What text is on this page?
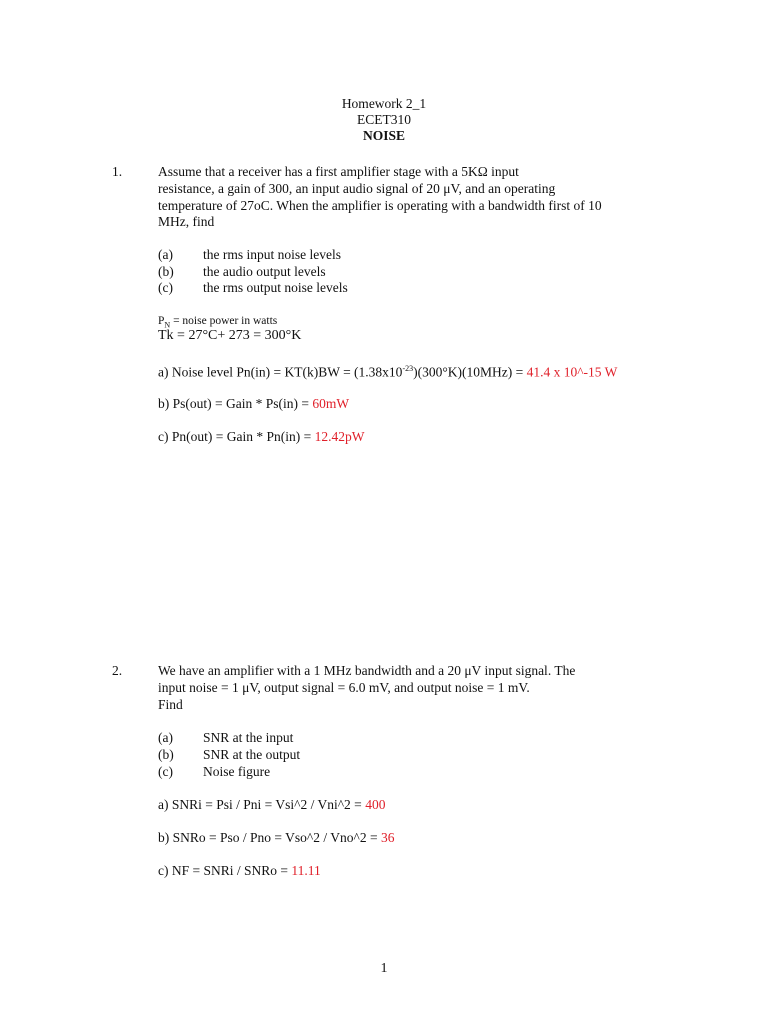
Homework 2_1
ECET310
NOISE
1.	Assume that a receiver has a first amplifier stage with a 5KΩ input
resistance, a gain of 300, an input audio signal of 20 μV, and an operating
temperature of 27oC. When the amplifier is operating with a bandwidth first of 10
MHz, find
(a) the rms input noise levels
(b) the audio output levels
(c) the rms output noise levels
$P_N$ = noise power in watts
Tk = 27°C+ 273 = 300°K
a) Noise level $Pn(in) = KT(k)BW = (1.38x10^{-23})(300^\circ K)(10MHz) = 41.4$ x 10^-15 W
b) Ps(out) = Gain * Ps(in) = 60mW
c) Pn(out) = Gain * Pn(in) = 12.42pW
2.	We have an amplifier with a 1 MHz bandwidth and a 20 μV input signal. The
input noise = 1 μV, output signal = 6.0 mV, and output noise = 1 mV.
Find
(a) SNR at the input
(b) SNR at the output
(c) Noise figure
a) SNRi = Psi / Pni = Vsi^2 / Vni^2 = 400
b) SNRo = Pso / Pno = Vso^2 / Vno^2 = 36
c) NF = SNRi / SNRo = 11.11
1
